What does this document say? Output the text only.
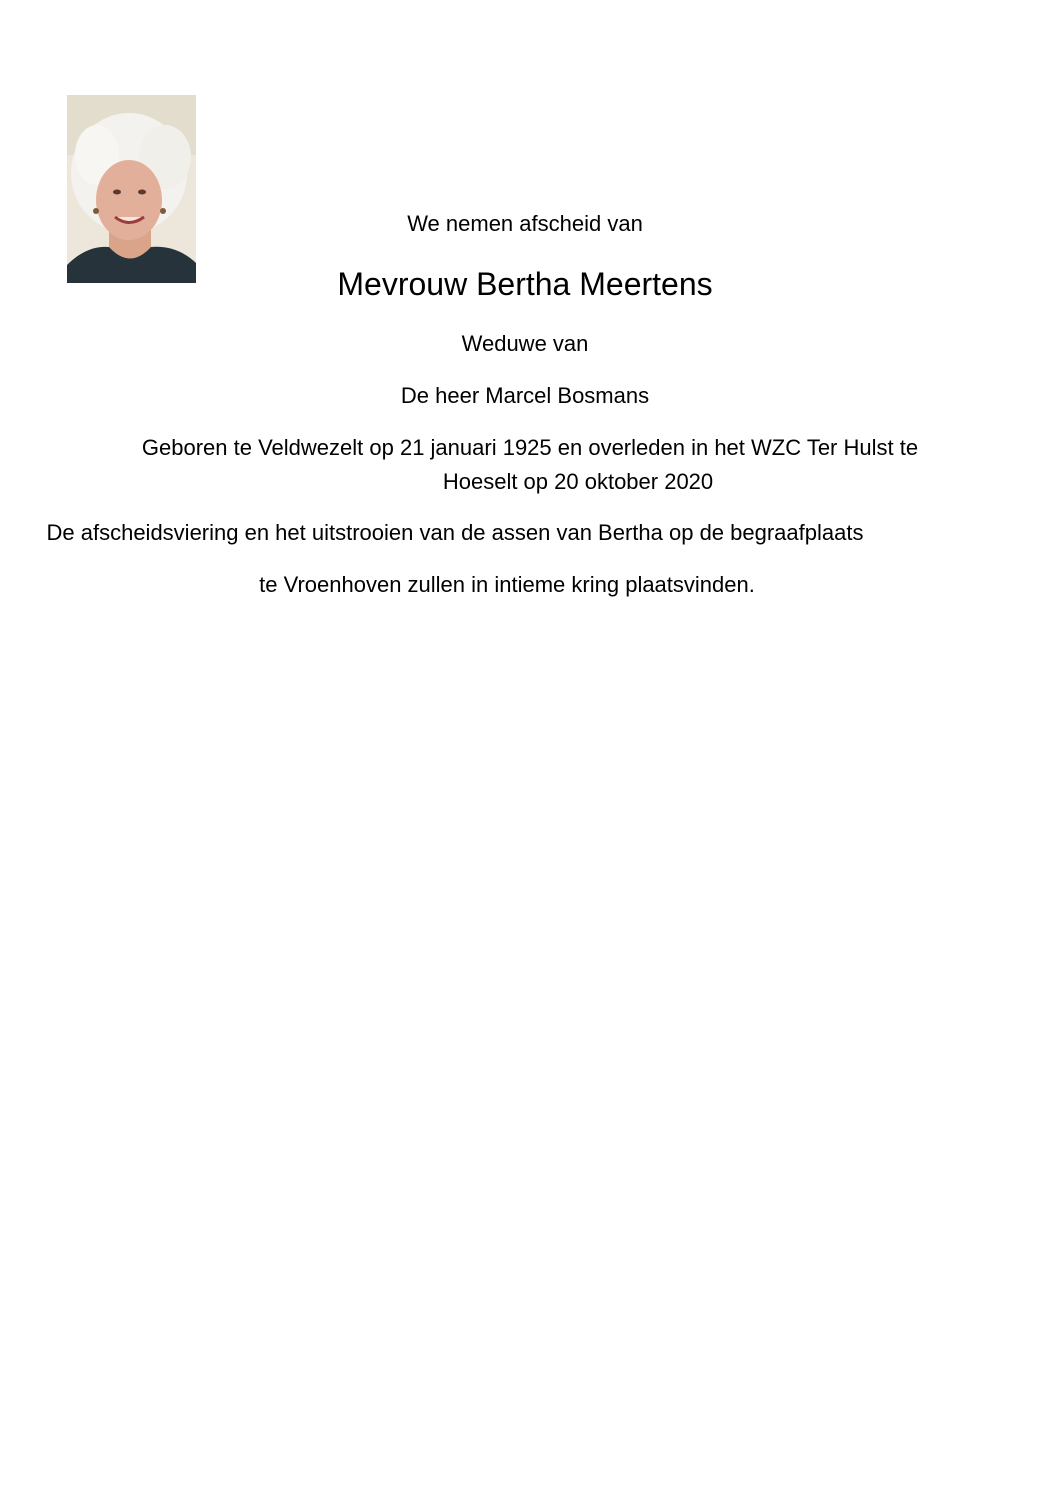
We nemen afscheid van
Mevrouw Bertha Meertens
Weduwe van
De heer Marcel Bosmans
Geboren te Veldwezelt op 21 januari 1925 en overleden in het WZC Ter Hulst te
Hoeselt op 20 oktober 2020
De afscheidsviering en het uitstrooien van de assen van Bertha op de begraafplaats
te Vroenhoven zullen in intieme kring plaatsvinden.
